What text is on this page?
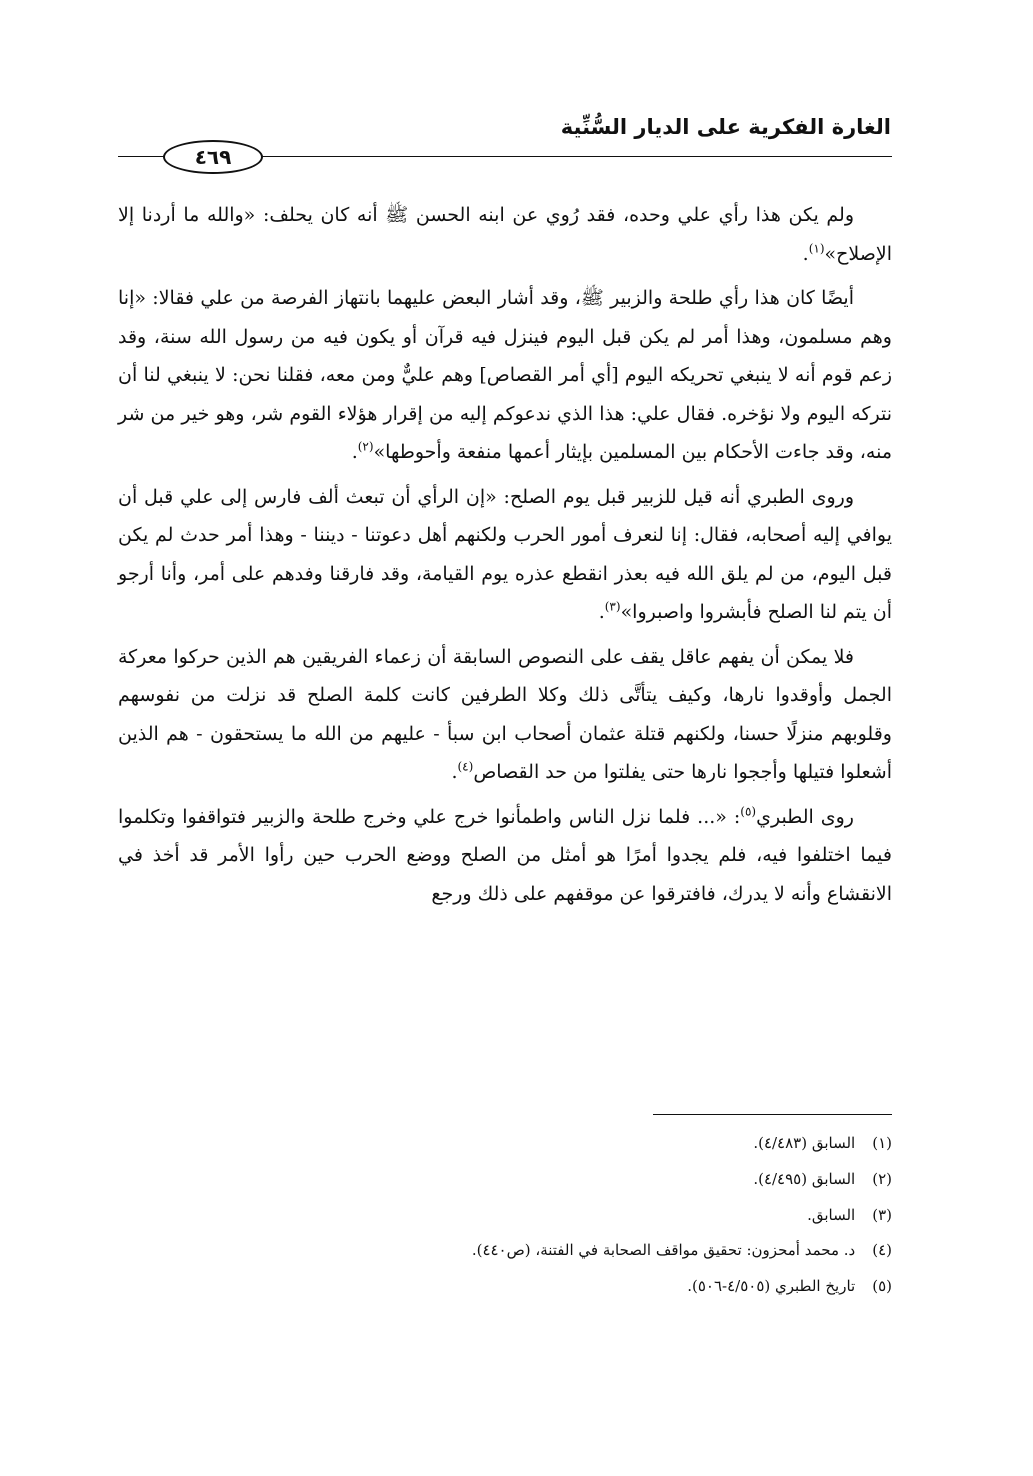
الغارة الفكرية على الديار السُّنِّية
٤٦٩

ولم يكن هذا رأي علي وحده، فقد رُوي عن ابنه الحسن ﷺ أنه كان يحلف: «والله ما أردنا إلا الإصلاح»$^{(١)}$.

أيضًا كان هذا رأي طلحة والزبير ﷺ، وقد أشار البعض عليهما بانتهاز الفرصة من علي فقالا: «إنا وهم مسلمون، وهذا أمر لم يكن قبل اليوم فينزل فيه قرآن أو يكون فيه من رسول الله سنة، وقد زعم قوم أنه لا ينبغي تحريكه اليوم [أي أمر القصاص] وهم عليٌّ ومن معه، فقلنا نحن: لا ينبغي لنا أن نتركه اليوم ولا نؤخره. فقال علي: هذا الذي ندعوكم إليه من إقرار هؤلاء القوم شر، وهو خير من شر منه، وقد جاءت الأحكام بين المسلمين بإيثار أعمها منفعة وأحوطها»$^{(٢)}$.

وروى الطبري أنه قيل للزبير قبل يوم الصلح: «إن الرأي أن تبعث ألف فارس إلى علي قبل أن يوافي إليه أصحابه، فقال: إنا لنعرف أمور الحرب ولكنهم أهل دعوتنا - ديننا - وهذا أمر حدث لم يكن قبل اليوم، من لم يلق الله فيه بعذر انقطع عذره يوم القيامة، وقد فارقنا وفدهم على أمر، وأنا أرجو أن يتم لنا الصلح فأبشروا واصبروا»$^{(٣)}$.

فلا يمكن أن يفهم عاقل يقف على النصوص السابقة أن زعماء الفريقين هم الذين حركوا معركة الجمل وأوقدوا نارها، وكيف يتأتَّى ذلك وكلا الطرفين كانت كلمة الصلح قد نزلت من نفوسهم وقلوبهم منزلًا حسنا، ولكنهم قتلة عثمان أصحاب ابن سبأ - عليهم من الله ما يستحقون - هم الذين أشعلوا فتيلها وأججوا نارها حتى يفلتوا من حد القصاص$^{(٤)}$.

روى الطبري$^{(٥)}$: «... فلما نزل الناس واطمأنوا خرج علي وخرج طلحة والزبير فتواقفوا وتكلموا فيما اختلفوا فيه، فلم يجدوا أمرًا هو أمثل من الصلح ووضع الحرب حين رأوا الأمر قد أخذ في الانقشاع وأنه لا يدرك، فافترقوا عن موقفهم على ذلك ورجع

(١) السابق (٤/٤٨٣).
(٢) السابق (٤/٤٩٥).
(٣) السابق.
(٤) د. محمد أمحزون: تحقيق مواقف الصحابة في الفتنة، (ص٤٤٠).
(٥) تاريخ الطبري (٤/٥٠٥-٥٠٦).
